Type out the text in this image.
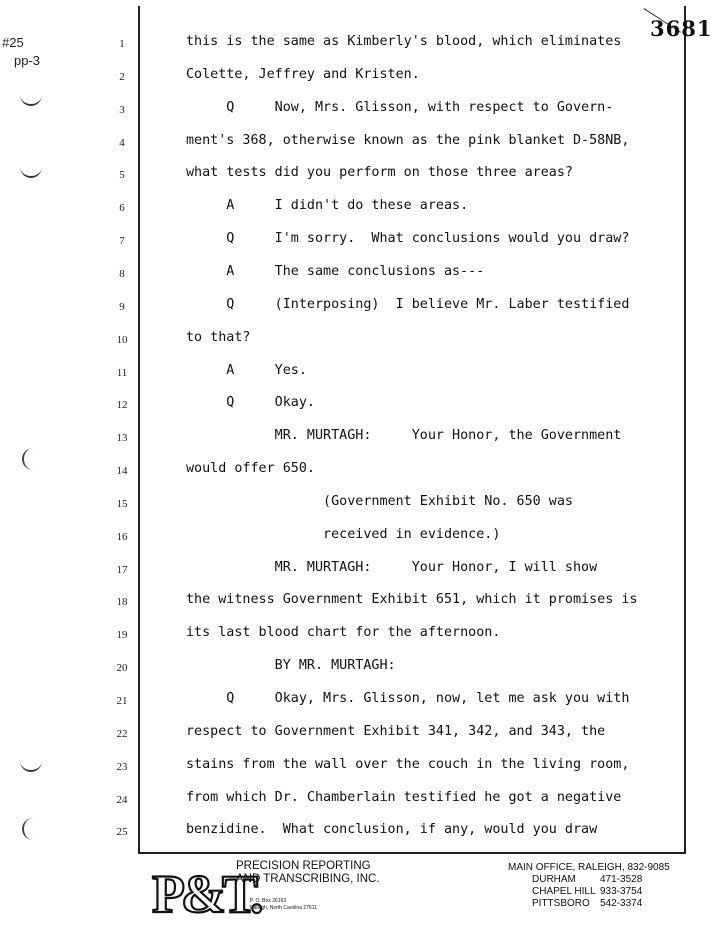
#25
pp-3
3681
1	this is the same as Kimberly's blood, which eliminates
2	Colette, Jeffrey and Kristen.
3	Q     Now, Mrs. Glisson, with respect to Govern-
4	ment's 368, otherwise known as the pink blanket D-58NB,
5	what tests did you perform on those three areas?
6	A     I didn't do these areas.
7	Q     I'm sorry.  What conclusions would you draw?
8	A     The same conclusions as---
9	Q     (Interposing)  I believe Mr. Laber testified
10	to that?
11	A     Yes.
12	Q     Okay.
13	MR. MURTAGH:     Your Honor, the Government
14	would offer 650.
15	(Government Exhibit No. 650 was
16	received in evidence.)
17	MR. MURTAGH:     Your Honor, I will show
18	the witness Government Exhibit 651, which it promises is
19	its last blood chart for the afternoon.
20	BY MR. MURTAGH:
21	Q     Okay, Mrs. Glisson, now, let me ask you with
22	respect to Government Exhibit 341, 342, and 343, the
23	stains from the wall over the couch in the living room,
24	from which Dr. Chamberlain testified he got a negative
25	benzidine.  What conclusion, if any, would you draw
P&T.
PRECISION REPORTING
AND TRANSCRIBING, INC.
P. O. Box 26163
Raleigh, North Carolina 27611
MAIN OFFICE, RALEIGH, 832-9085
DURHAM	471-3528
CHAPEL HILL 933-3754
PITTSBORO	542-3374
